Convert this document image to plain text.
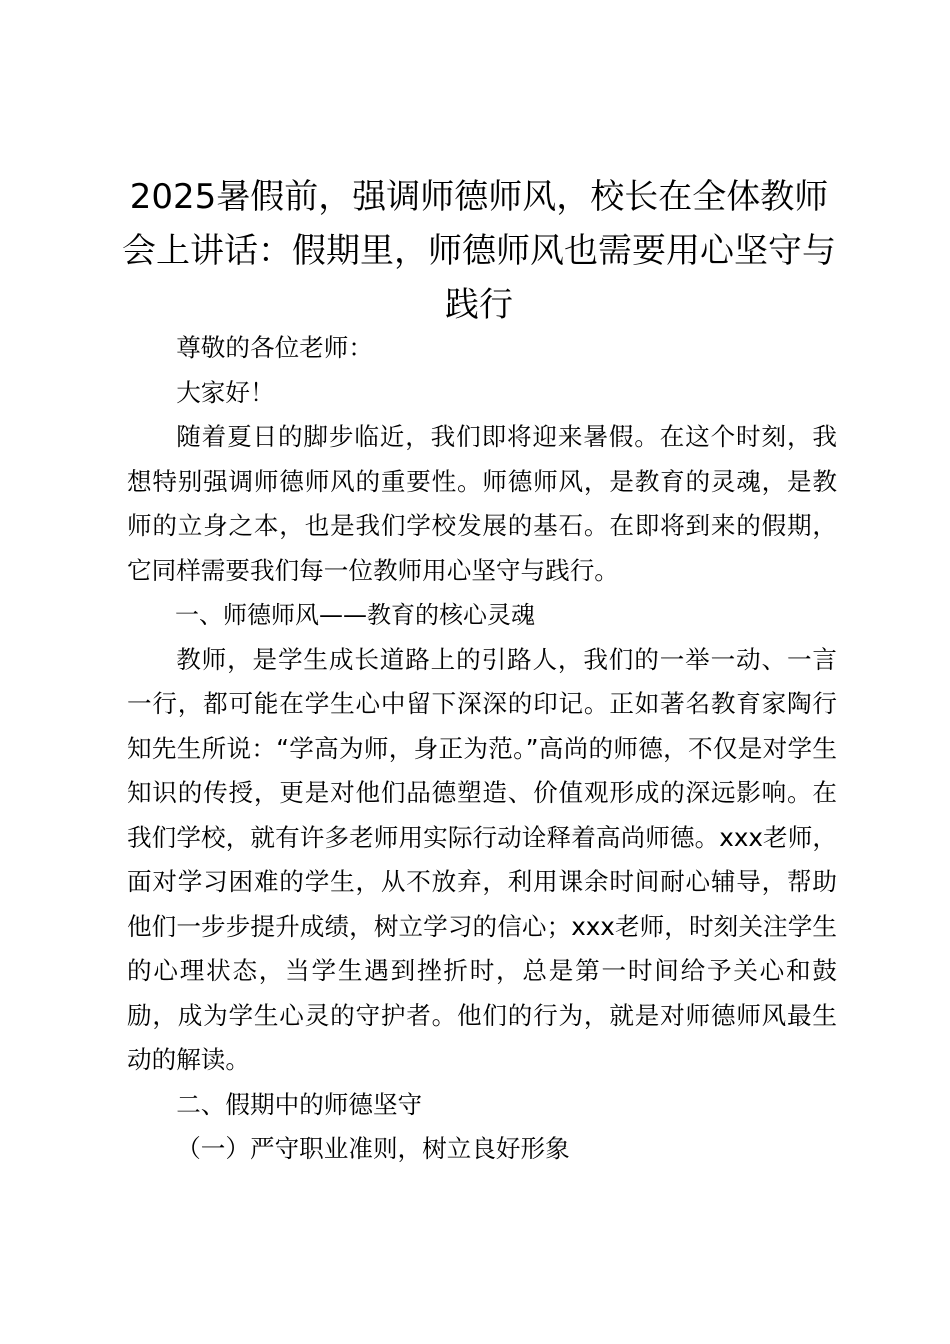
2025暑假前，强调师德师风，校长在全体教师会上讲话：假期里，师德师风也需要用心坚守与践行

尊敬的各位老师：

大家好！

随着夏日的脚步临近，我们即将迎来暑假。在这个时刻，我想特别强调师德师风的重要性。师德师风，是教育的灵魂，是教师的立身之本，也是我们学校发展的基石。在即将到来的假期，它同样需要我们每一位教师用心坚守与践行。

一、师德师风——教育的核心灵魂

教师，是学生成长道路上的引路人，我们的一举一动、一言一行，都可能在学生心中留下深深的印记。正如著名教育家陶行知先生所说：“学高为师，身正为范。”高尚的师德，不仅是对学生知识的传授，更是对他们品德塑造、价值观形成的深远影响。在我们学校，就有许多老师用实际行动诠释着高尚师德。xxx老师，面对学习困难的学生，从不放弃，利用课余时间耐心辅导，帮助他们一步步提升成绩，树立学习的信心；xxx老师，时刻关注学生的心理状态，当学生遇到挫折时，总是第一时间给予关心和鼓励，成为学生心灵的守护者。他们的行为，就是对师德师风最生动的解读。

二、假期中的师德坚守

（一）严守职业准则，树立良好形象
